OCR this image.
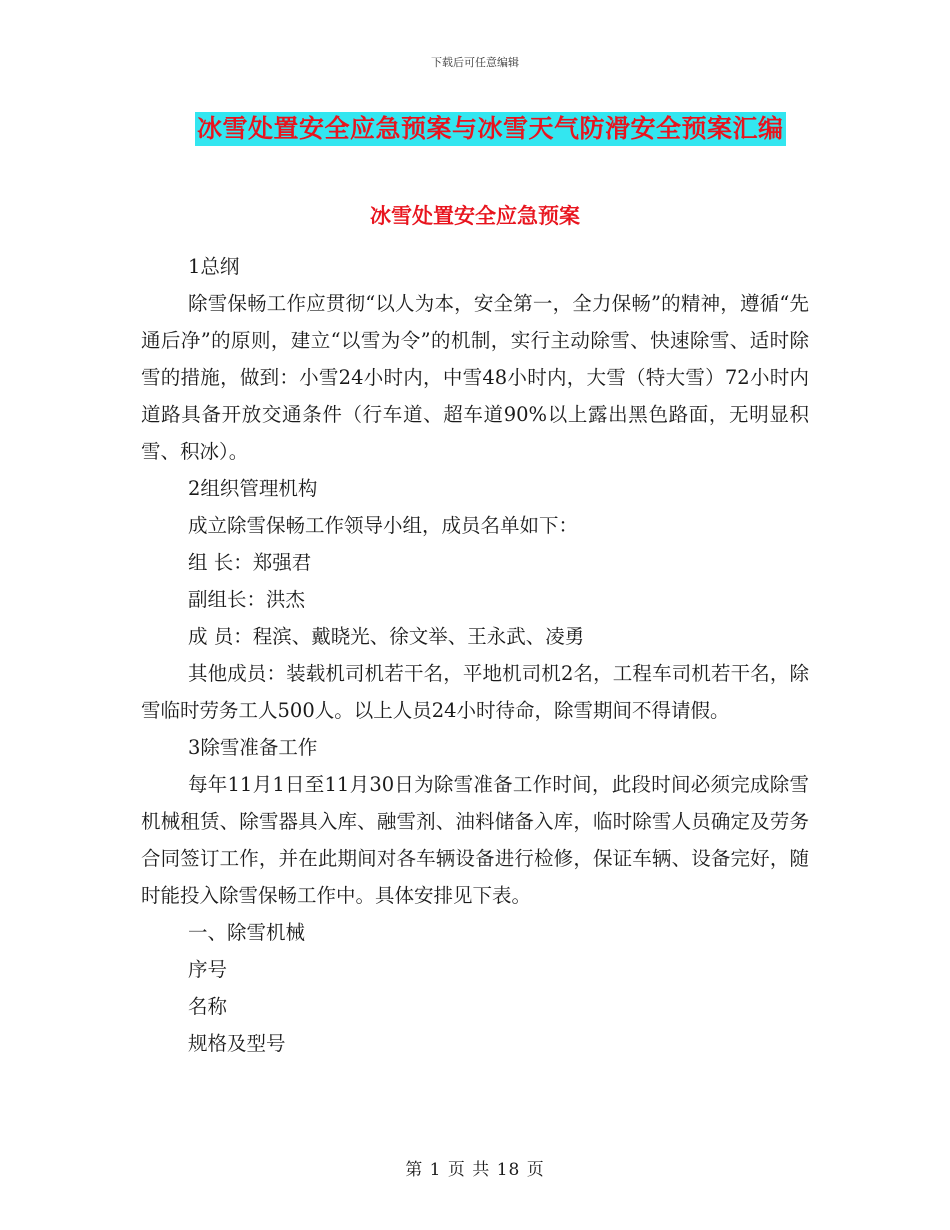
下载后可任意编辑
冰雪处置安全应急预案与冰雪天气防滑安全预案汇编
冰雪处置安全应急预案

1总纲

除雪保畅工作应贯彻“以人为本，安全第一，全力保畅”的精神，遵循“先通后净”的原则，建立“以雪为令”的机制，实行主动除雪、快速除雪、适时除雪的措施，做到：小雪24小时内，中雪48小时内，大雪（特大雪）72小时内道路具备开放交通条件（行车道、超车道90%以上露出黑色路面，无明显积雪、积冰）。

2组织管理机构

成立除雪保畅工作领导小组，成员名单如下：

组 长：郑强君

副组长：洪杰

成 员：程滨、戴晓光、徐文举、王永武、凌勇

其他成员：装载机司机若干名，平地机司机2名，工程车司机若干名，除雪临时劳务工人500人。以上人员24小时待命，除雪期间不得请假。

3除雪准备工作

每年11月1日至11月30日为除雪准备工作时间，此段时间必须完成除雪机械租赁、除雪器具入库、融雪剂、油料储备入库，临时除雪人员确定及劳务合同签订工作，并在此期间对各车辆设备进行检修，保证车辆、设备完好，随时能投入除雪保畅工作中。具体安排见下表。

一、除雪机械

序号

名称

规格及型号

第 1 页 共 18 页
